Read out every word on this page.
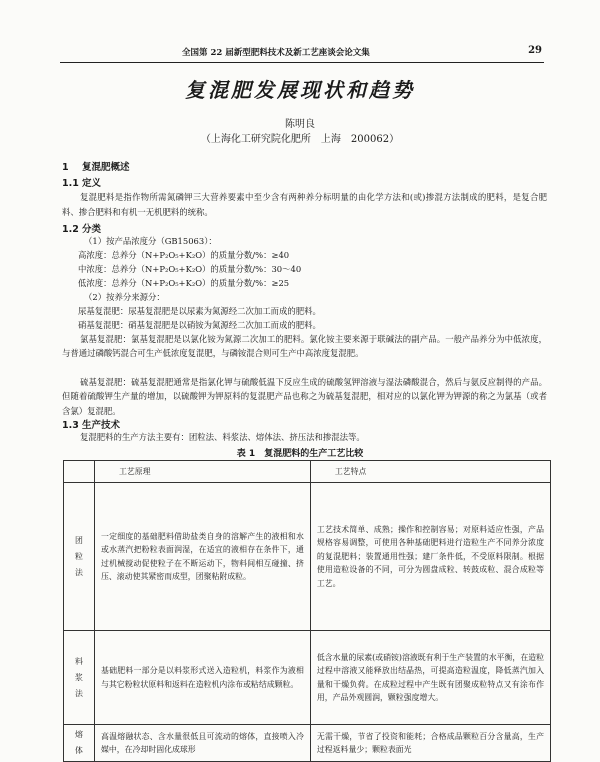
全国第 22 届新型肥料技术及新工艺座谈会论文集	29
复混肥发展现状和趋势
陈明良
（上海化工研究院化肥所　上海　200062）
1 复混肥概述
1.1 定义
复混肥料是指作物所需氮磷钾三大营养要素中至少含有两种养分标明量的由化学方法和(或)掺混方法制成的肥料，是复合肥料、掺合肥料和有机一无机肥料的统称。
1.2 分类
（1）按产品浓度分（GB15063）：
高浓度：总养分（N+P₂O₅+K₂O）的质量分数/%：≥40
中浓度：总养分（N+P₂O₅+K₂O）的质量分数/%：30～40
低浓度：总养分（N+P₂O₅+K₂O）的质量分数/%：≥25
（2）按养分来源分：
尿基复混肥：尿基复混肥是以尿素为氮源经二次加工而成的肥料。
硝基复混肥：硝基复混肥是以硝铵为氮源经二次加工而成的肥料。
氯基复混肥：氯基复混肥是以氯化铵为氮源二次加工的肥料。氯化铵主要来源于联碱法的副产品。一般产品养分为中低浓度，与普通过磷酸钙混合可生产低浓度复混肥，与磷铵混合则可生产中高浓度复混肥。
硫基复混肥：硫基复混肥通常是指氯化钾与硫酸低温下反应生成的硫酸氢钾溶液与湿法磷酸混合，然后与氨反应制得的产品。但随着硫酸钾生产量的增加，以硫酸钾为钾原料的复混肥产品也称之为硫基复混肥，相对应的以氯化钾为钾源的称之为氯基（或者含氯）复混肥。
1.3 生产技术
复混肥料的生产方法主要有：团粒法、料浆法、熔体法、挤压法和掺混法等。
表 1　复混肥料的生产工艺比较
	工艺原理	工艺特点
团粒法	一定细度的基础肥料借助盐类自身的溶解产生的液相和水或水蒸汽把粉粒表面润湿，在适宜的液相存在条件下，通过机械搅动促使粒子在不断运动下，物料间相互碰撞、挤压、滚动使其紧密而成型，团聚粘附成粒。	工艺技术简单、成熟；操作和控制容易；对原料适应性强，产品规格容易调整，可使用各种基础肥料进行造粒生产不同养分浓度的复混肥料；装置通用性强；建厂条件低，不受原料限制。根据使用造粒设备的不同，可分为圆盘成粒、转鼓成粒、混合成粒等工艺。
料浆法	基础肥料一部分是以料浆形式送入造粒机，料浆作为液相与其它粉粒状原料和返料在造粒机内涂布或粘结成颗粒。	低含水量的尿素(或硝铵)溶液既有利于生产装置的水平衡，在造粒过程中溶液又能释放出结晶热，可提高造粒温度，降低蒸汽加入量和干燥负荷。在成粒过程中产生既有团聚成粒特点又有涂布作用，产品外观圆润，颗粒强度增大。
熔体	高温熔融状态、含水量很低且可流动的熔体，直接喷入冷媒中，在冷却时固化成球形	无需干燥，节省了投资和能耗；合格成品颗粒百分含量高，生产过程返料量少；颗粒表面光
